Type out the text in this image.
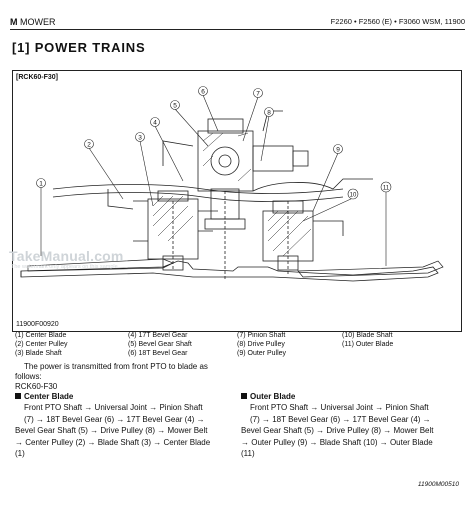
M MOWER	F2260 • F2560 (E) • F3060 WSM, 11900
[1] POWER TRAINS
[RCK60-F30]
1
2
3
4
5
6	7
8
9
10
11
11900F00920
TakeManual.com
The watermark only appears on this sample
(1) Center Blade
(2) Center Pulley
(3) Blade Shaft
(4) 17T Bevel Gear
(5) Bevel Gear Shaft
(6) 18T Bevel Gear
(7) Pinion Shaft
(8) Drive Pulley
(9) Outer Pulley
(10) Blade Shaft
(11) Outer Blade
The power is transmitted from front PTO to blade as
follows:
RCK60-F30
Center Blade
Front PTO Shaft → Universal Joint → Pinion Shaft
(7) → 18T Bevel Gear (6) → 17T Bevel Gear (4) →
Bevel Gear Shaft (5) → Drive Pulley (8) → Mower Belt
→ Center Pulley (2) → Blade Shaft (3) → Center Blade
(1)
Outer Blade
Front PTO Shaft → Universal Joint → Pinion Shaft
(7) → 18T Bevel Gear (6) → 17T Bevel Gear (4) →
Bevel Gear Shaft (5) → Drive Pulley (8) → Mower Belt
→ Outer Pulley (9) → Blade Shaft (10) → Outer Blade
(11)
11900M00510
